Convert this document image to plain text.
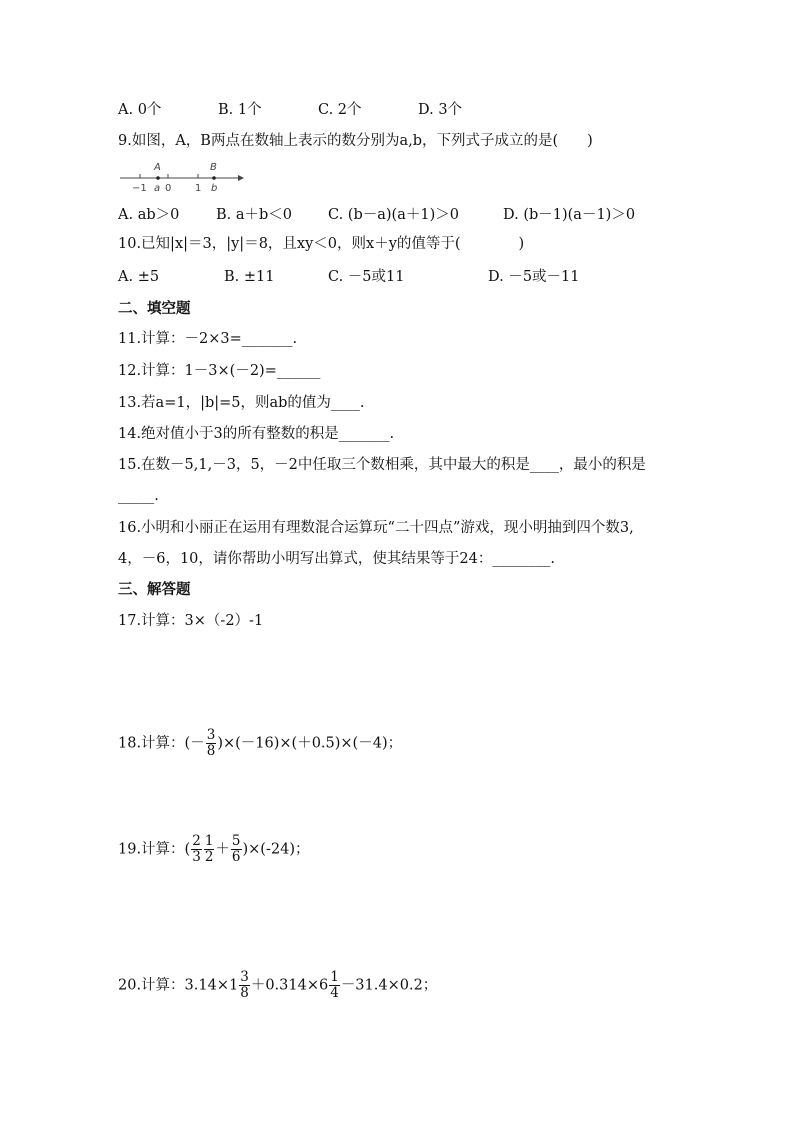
A. 0个	B. 1个	C. 2个	D. 3个
9.如图，A，B两点在数轴上表示的数分别为a,b，下列式子成立的是(　　)
A	B
−1 a 0 1 b
A. ab＞0	B. a＋b＜0 C. (b－a)(a＋1)＞0	D. (b－1)(a－1)＞0
10.已知|x|＝3，|y|＝8，且xy＜0，则x＋y的值等于(　　　　)
A. ±5	B. ±11	C. －5或11	D. －5或－11
二、填空题
11.计算：－2×3=_______.
12.计算：1－3×(－2)=______
13.若a=1，|b|=5，则ab的值为____.
14.绝对值小于3的所有整数的积是_______.
15.在数－5,1,－3，5，－2中任取三个数相乘，其中最大的积是____，最小的积是
_____.
16.小明和小丽正在运用有理数混合运算玩“二十四点”游戏，现小明抽到四个数3,
4，－6，10，请你帮助小明写出算式，使其结果等于24：________.
三、解答题
17.计算：3×（-2）-1
18.计算：(－ $\frac{3}{8} )\times(-16)\times(+0.5)\times(-4)$；
19.计算：( $\frac{2}{3} \frac{1}{2} + \frac{5}{6} )\times(-24)$；
20.计算：$3.14\times 1 \frac{3}{8} +0.314\times 6 \frac{1}{4} -31.4\times 0.2$；
